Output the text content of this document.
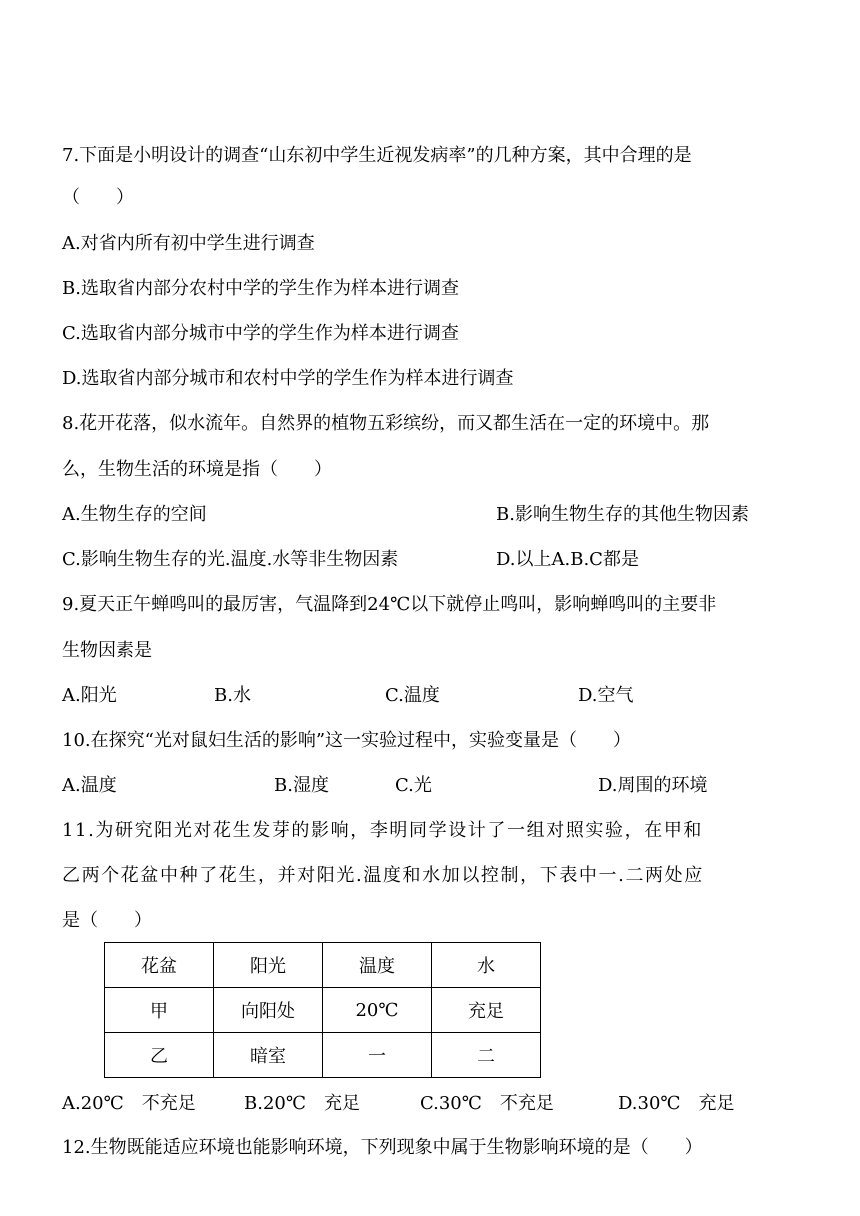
7.下面是小明设计的调查“山东初中学生近视发病率”的几种方案，其中合理的是
（　　）
A.对省内所有初中学生进行调查
B.选取省内部分农村中学的学生作为样本进行调查
C.选取省内部分城市中学的学生作为样本进行调查
D.选取省内部分城市和农村中学的学生作为样本进行调查
8.花开花落，似水流年。自然界的植物五彩缤纷，而又都生活在一定的环境中。那
么，生物生活的环境是指（　　）
A.生物生存的空间	B.影响生物生存的其他生物因素
C.影响生物生存的光.温度.水等非生物因素	D.以上A.B.C都是
9.夏天正午蝉鸣叫的最厉害，气温降到24℃以下就停止鸣叫，影响蝉鸣叫的主要非
生物因素是
A.阳光	B.水	C.温度	D.空气
10.在探究“光对鼠妇生活的影响”这一实验过程中，实验变量是（　　）
A.温度	B.湿度	C.光	D.周围的环境
11.为研究阳光对花生发芽的影响，李明同学设计了一组对照实验，在甲和
乙两个花盆中种了花生，并对阳光.温度和水加以控制，下表中一.二两处应
是（　　）
花盆	阳光	温度	水
甲	向阳处	20℃	充足
乙	暗室	一	二
A.20℃　不充足	B.20℃　充足	C.30℃　不充足	D.30℃　充足
12.生物既能适应环境也能影响环境，下列现象中属于生物影响环境的是（　　）
